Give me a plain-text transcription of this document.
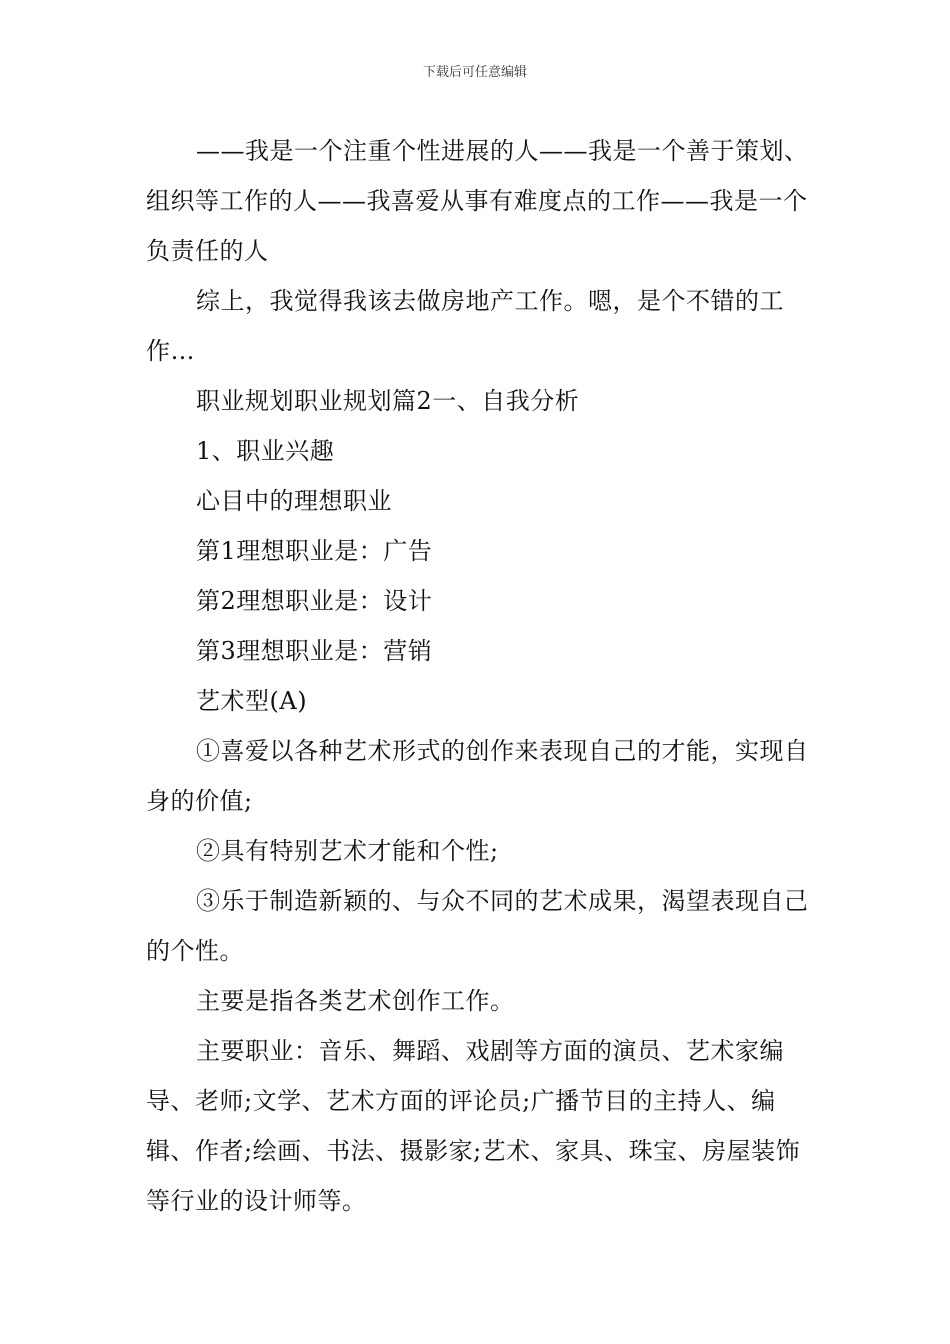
下载后可任意编辑

——我是一个注重个性进展的人——我是一个善于策划、组织等工作的人——我喜爱从事有难度点的工作——我是一个负责任的人

综上，我觉得我该去做房地产工作。嗯，是个不错的工作…

职业规划职业规划篇2一、自我分析

1、职业兴趣

心目中的理想职业

第1理想职业是：广告

第2理想职业是：设计

第3理想职业是：营销

艺术型(A)

①喜爱以各种艺术形式的创作来表现自己的才能，实现自身的价值;

②具有特别艺术才能和个性;

③乐于制造新颖的、与众不同的艺术成果，渴望表现自己的个性。

主要是指各类艺术创作工作。

主要职业：音乐、舞蹈、戏剧等方面的演员、艺术家编导、老师;文学、艺术方面的评论员;广播节目的主持人、编辑、作者;绘画、书法、摄影家;艺术、家具、珠宝、房屋装饰等行业的设计师等。
